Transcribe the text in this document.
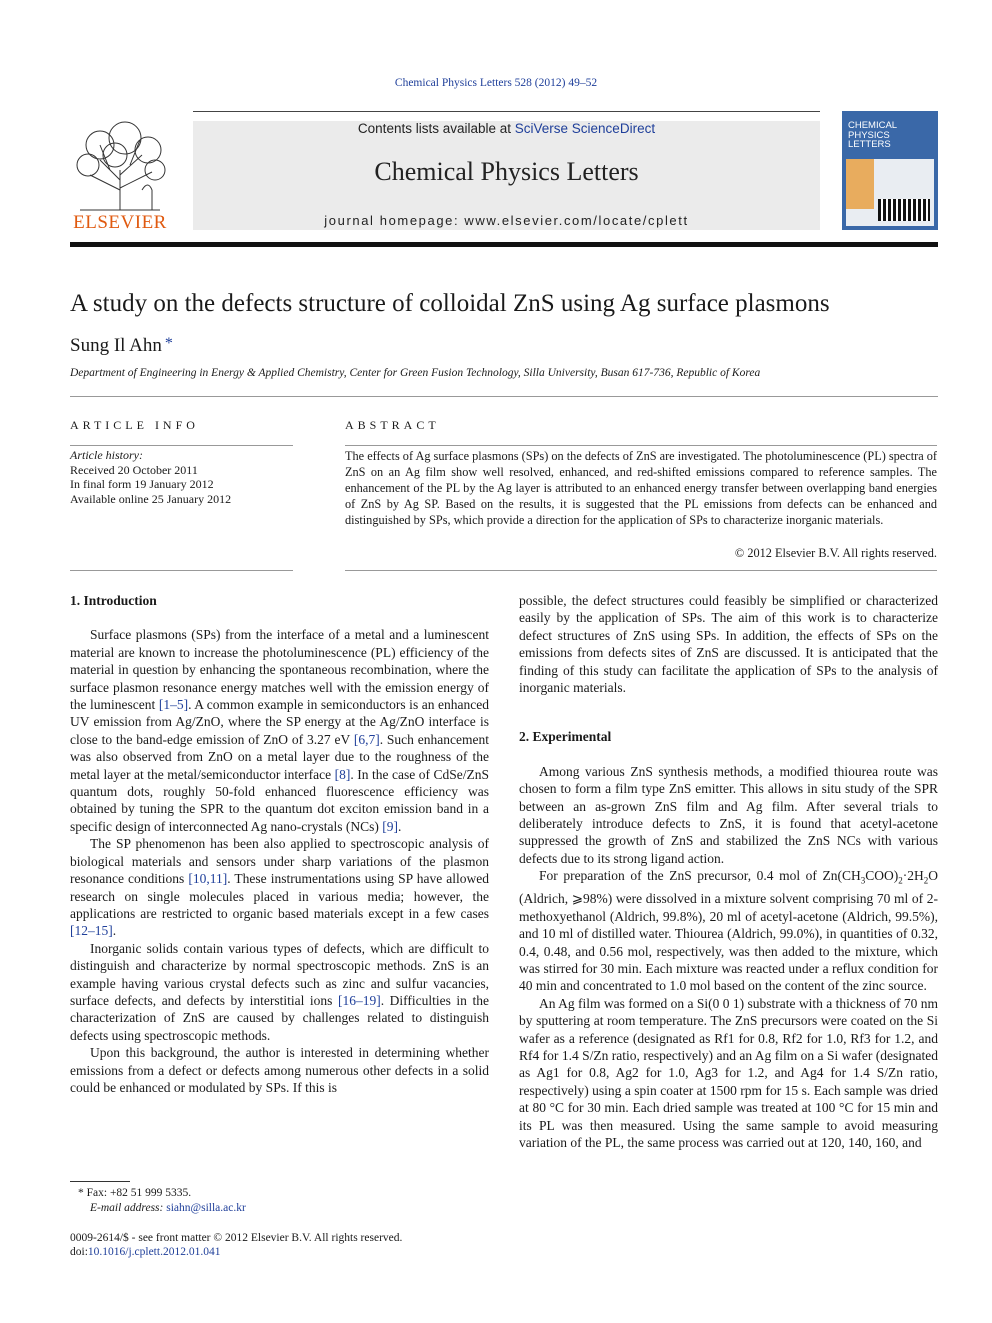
Chemical Physics Letters 528 (2012) 49–52
ELSEVIER
Contents lists available at SciVerse ScienceDirect
Chemical Physics Letters
journal homepage: www.elsevier.com/locate/cplett
CHEMICAL
PHYSICS
LETTERS
A study on the defects structure of colloidal ZnS using Ag surface plasmons
Sung Il Ahn *
Department of Engineering in Energy & Applied Chemistry, Center for Green Fusion Technology, Silla University, Busan 617-736, Republic of Korea
ARTICLE INFO
Article history:
Received 20 October 2011
In final form 19 January 2012
Available online 25 January 2012
ABSTRACT
The effects of Ag surface plasmons (SPs) on the defects of ZnS are investigated. The photoluminescence (PL) spectra of ZnS on an Ag film show well resolved, enhanced, and red-shifted emissions compared to reference samples. The enhancement of the PL by the Ag layer is attributed to an enhanced energy transfer between overlapping band energies of ZnS by Ag SP. Based on the results, it is suggested that the PL emissions from defects can be enhanced and distinguished by SPs, which provide a direction for the application of SPs to characterize inorganic materials.
© 2012 Elsevier B.V. All rights reserved.
1. Introduction

Surface plasmons (SPs) from the interface of a metal and a luminescent material are known to increase the photoluminescence (PL) efficiency of the material in question by enhancing the spontaneous recombination, where the surface plasmon resonance energy matches well with the emission energy of the luminescent [1–5]. A common example in semiconductors is an enhanced UV emission from Ag/ZnO, where the SP energy at the Ag/ZnO interface is close to the band-edge emission of ZnO of 3.27 eV [6,7]. Such enhancement was also observed from ZnO on a metal layer due to the roughness of the metal layer at the metal/semiconductor interface [8]. In the case of CdSe/ZnS quantum dots, roughly 50-fold enhanced fluorescence efficiency was obtained by tuning the SPR to the quantum dot exciton emission band in a specific design of interconnected Ag nano-crystals (NCs) [9].

The SP phenomenon has been also applied to spectroscopic analysis of biological materials and sensors under sharp variations of the plasmon resonance conditions [10,11]. These instrumentations using SP have allowed research on single molecules placed in various media; however, the applications are restricted to organic based materials except in a few cases [12–15].

Inorganic solids contain various types of defects, which are difficult to distinguish and characterize by normal spectroscopic methods. ZnS is an example having various crystal defects such as zinc and sulfur vacancies, surface defects, and defects by interstitial ions [16–19]. Difficulties in the characterization of ZnS are caused by challenges related to distinguish defects using spectroscopic methods.

Upon this background, the author is interested in determining whether emissions from a defect or defects among numerous other defects in a solid could be enhanced or modulated by SPs. If this is

* Fax: +82 51 999 5335.
E-mail address: siahn@silla.ac.kr
0009-2614/$ - see front matter © 2012 Elsevier B.V. All rights reserved.
doi:10.1016/j.cplett.2012.01.041

possible, the defect structures could feasibly be simplified or characterized easily by the application of SPs. The aim of this work is to characterize defect structures of ZnS using SPs. In addition, the effects of SPs on the emissions from defects sites of ZnS are discussed. It is anticipated that the finding of this study can facilitate the application of SPs to the analysis of inorganic materials.

2. Experimental

Among various ZnS synthesis methods, a modified thiourea route was chosen to form a film type ZnS emitter. This allows in situ study of the SPR between an as-grown ZnS film and Ag film. After several trials to deliberately introduce defects to ZnS, it is found that acetyl-acetone suppressed the growth of ZnS and stabilized the ZnS NCs with various defects due to its strong ligand action.

For preparation of the ZnS precursor, 0.4 mol of $Zn(CH_3COO)_2\cdot 2H_2O$ (Aldrich, ⩾98%) were dissolved in a mixture solvent comprising 70 ml of 2-methoxyethanol (Aldrich, 99.8%), 20 ml of acetyl-acetone (Aldrich, 99.5%), and 10 ml of distilled water. Thiourea (Aldrich, 99.0%), in quantities of 0.32, 0.4, 0.48, and 0.56 mol, respectively, was then added to the mixture, which was stirred for 30 min. Each mixture was reacted under a reflux condition for 40 min and concentrated to 1.0 mol based on the content of the zinc source.

An Ag film was formed on a Si(0 0 1) substrate with a thickness of 70 nm by sputtering at room temperature. The ZnS precursors were coated on the Si wafer as a reference (designated as Rf1 for 0.8, Rf2 for 1.0, Rf3 for 1.2, and Rf4 for 1.4 S/Zn ratio, respectively) and an Ag film on a Si wafer (designated as Ag1 for 0.8, Ag2 for 1.0, Ag3 for 1.2, and Ag4 for 1.4 S/Zn ratio, respectively) using a spin coater at 1500 rpm for 15 s. Each sample was dried at 80 °C for 30 min. Each dried sample was treated at 100 °C for 15 min and its PL was then measured. Using the same sample to avoid measuring variation of the PL, the same process was carried out at 120, 140, 160, and
